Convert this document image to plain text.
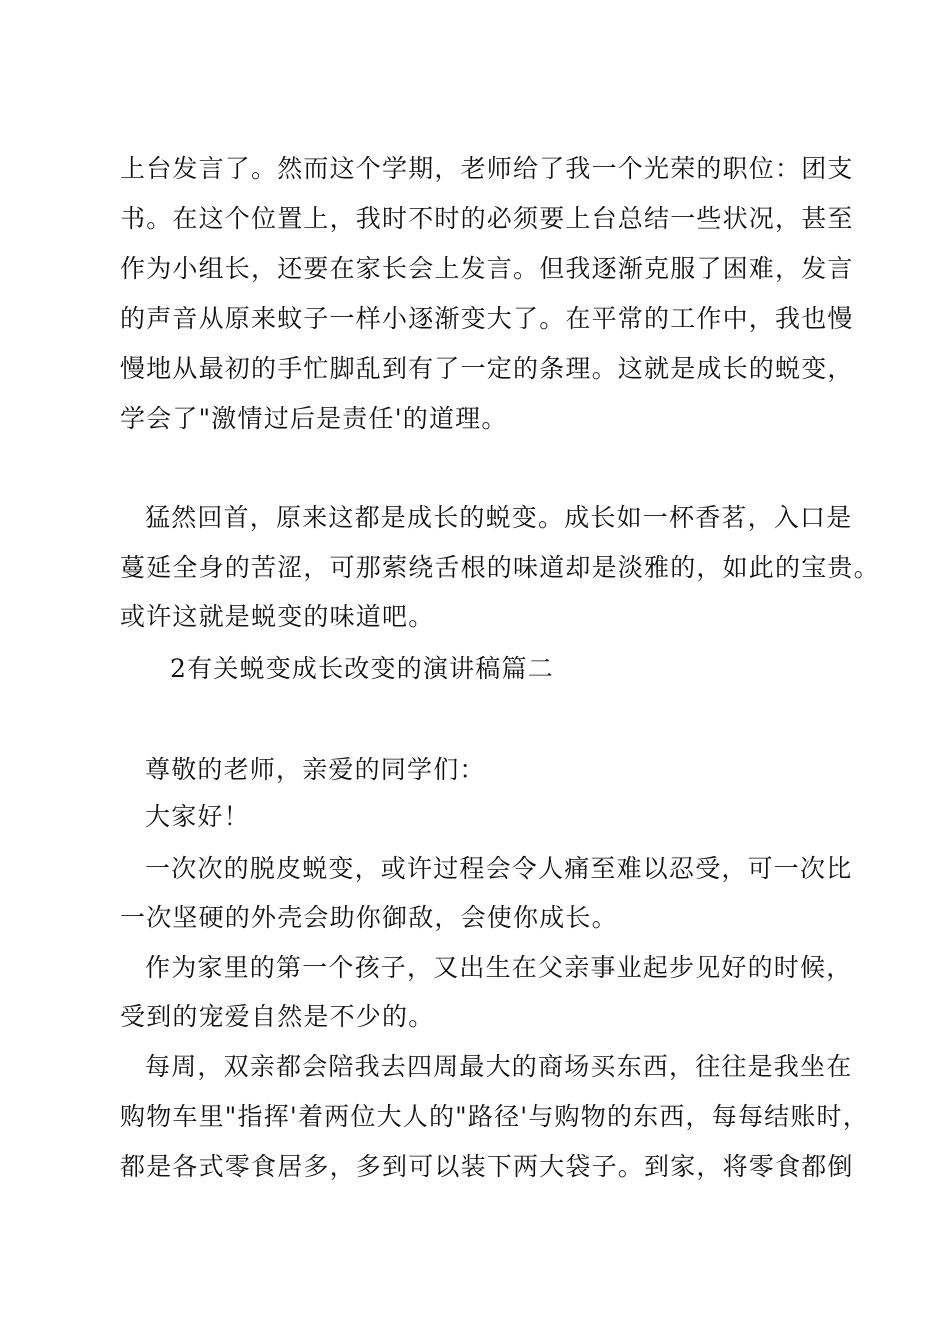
上台发言了。然而这个学期，老师给了我一个光荣的职位：团支
书。在这个位置上，我时不时的必须要上台总结一些状况，甚至
作为小组长，还要在家长会上发言。但我逐渐克服了困难，发言
的声音从原来蚊子一样小逐渐变大了。在平常的工作中，我也慢
慢地从最初的手忙脚乱到有了一定的条理。这就是成长的蜕变，
学会了"激情过后是责任'的道理。
猛然回首，原来这都是成长的蜕变。成长如一杯香茗，入口是
蔓延全身的苦涩，可那萦绕舌根的味道却是淡雅的，如此的宝贵。
或许这就是蜕变的味道吧。
2有关蜕变成长改变的演讲稿篇二
尊敬的老师，亲爱的同学们：
大家好！
一次次的脱皮蜕变，或许过程会令人痛至难以忍受，可一次比
一次坚硬的外壳会助你御敌，会使你成长。
作为家里的第一个孩子，又出生在父亲事业起步见好的时候，
受到的宠爱自然是不少的。
每周，双亲都会陪我去四周最大的商场买东西，往往是我坐在
购物车里"指挥'着两位大人的"路径'与购物的东西，每每结账时，
都是各式零食居多，多到可以装下两大袋子。到家，将零食都倒
